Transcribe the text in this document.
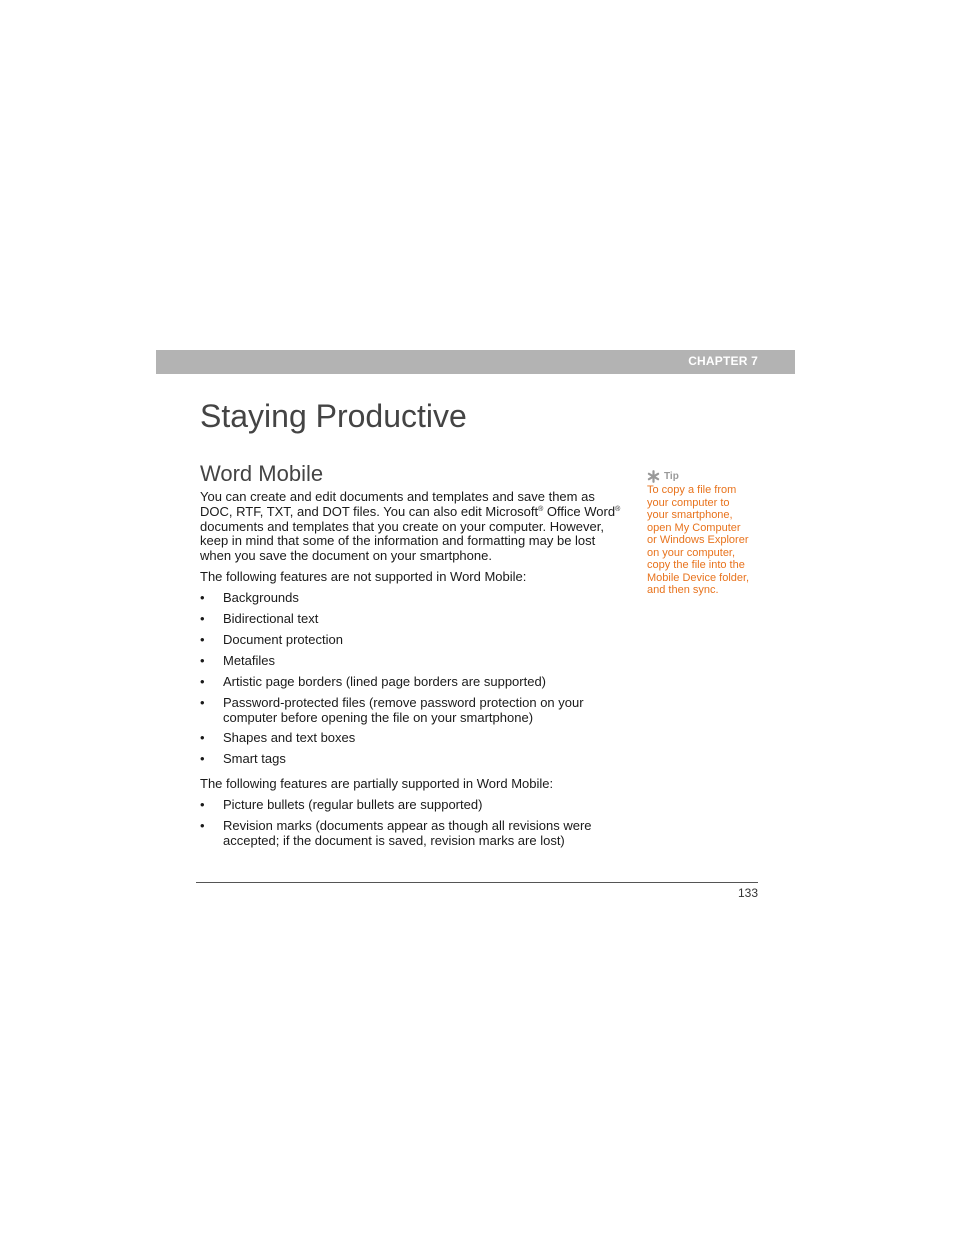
CHAPTER 7
Staying Productive
Word Mobile

You can create and edit documents and templates and save them as DOC, RTF, TXT, and DOT files. You can also edit Microsoft® Office Word® documents and templates that you create on your computer. However, keep in mind that some of the information and formatting may be lost when you save the document on your smartphone.

The following features are not supported in Word Mobile:

• Backgrounds
• Bidirectional text
• Document protection
• Metafiles
• Artistic page borders (lined page borders are supported)
• Password-protected files (remove password protection on your computer before opening the file on your smartphone)
• Shapes and text boxes
• Smart tags

The following features are partially supported in Word Mobile:

• Picture bullets (regular bullets are supported)
• Revision marks (documents appear as though all revisions were accepted; if the document is saved, revision marks are lost)
Tip
To copy a file from
your computer to
your smartphone,
open My Computer
or Windows Explorer
on your computer,
copy the file into the
Mobile Device folder,
and then sync.
133
